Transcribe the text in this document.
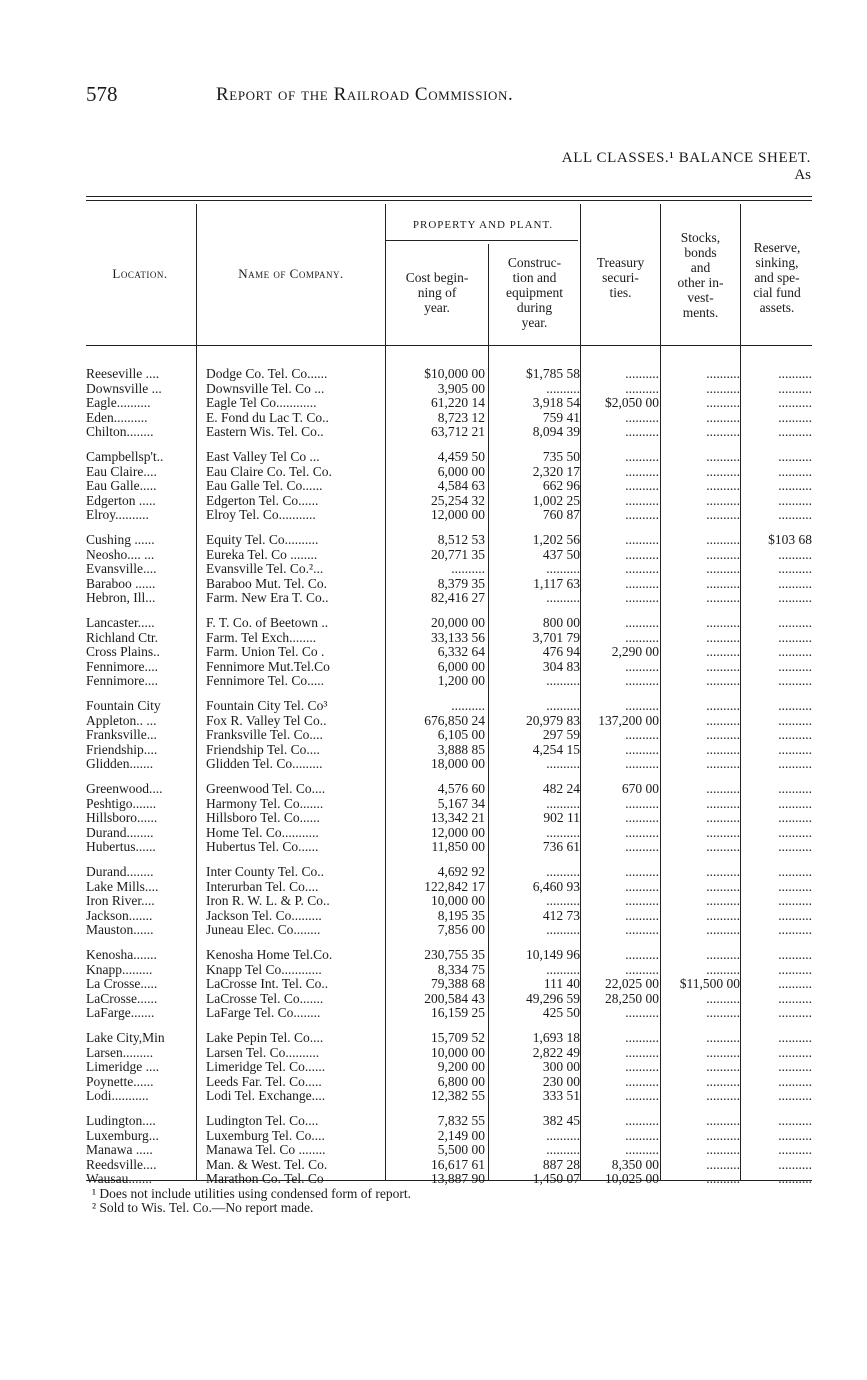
578	Report of the Railroad Commission.
ALL CLASSES.¹ BALANCE SHEET.
As
Location.	Name of Company.
PROPERTY AND PLANT.
Cost begin-
ning of
year.
Construc-
tion and
equipment
during
year.
Treasury
securi-
ties.
Stocks,
bonds
and
other in-
vest-
ments.
Reserve,
sinking,
and spe-
cial fund
assets.
Reeseville ....	Dodge Co. Tel. Co......	$10,000 00	$1,785 58	..........	..........	..........
Downsville ...	Downsville Tel. Co ...	3,905 00	..........	..........	..........	..........
Eagle..........	Eagle Tel Co............	61,220 14	3,918 54	$2,050 00	..........	..........
Eden..........	E. Fond du Lac T. Co..	8,723 12	759 41	..........	..........	..........
Chilton........	Eastern Wis. Tel. Co..	63,712 21	8,094 39	..........	..........	..........
Campbellsp't..	East Valley Tel Co ...	4,459 50	735 50	..........	..........	..........
Eau Claire....	Eau Claire Co. Tel. Co.	6,000 00	2,320 17	..........	..........	..........
Eau Galle.....	Eau Galle Tel. Co......	4,584 63	662 96	..........	..........	..........
Edgerton .....	Edgerton Tel. Co......	25,254 32	1,002 25	..........	..........	..........
Elroy..........	Elroy Tel. Co...........	12,000 00	760 87	..........	..........	..........
Cushing ......	Equity Tel. Co..........	8,512 53	1,202 56	..........	..........	$103 68
Neosho.... ...	Eureka Tel. Co ........	20,771 35	437 50	..........	..........	..........
Evansville....	Evansville Tel. Co.²...	..........	..........	..........	..........	..........
Baraboo ......	Baraboo Mut. Tel. Co.	8,379 35	1,117 63	..........	..........	..........
Hebron, Ill...	Farm. New Era T. Co..	82,416 27	..........	..........	..........	..........
Lancaster.....	F. T. Co. of Beetown ..	20,000 00	800 00	..........	..........	..........
Richland Ctr.	Farm. Tel Exch........	33,133 56	3,701 79	..........	..........	..........
Cross Plains..	Farm. Union Tel. Co .	6,332 64	476 94	2,290 00	..........	..........
Fennimore....	Fennimore Mut.Tel.Co	6,000 00	304 83	..........	..........	..........
Fennimore....	Fennimore Tel. Co.....	1,200 00	..........	..........	..........	..........
Fountain City	Fountain City Tel. Co³	..........	..........	..........	..........	..........
Appleton.. ...	Fox R. Valley Tel Co..	676,850 24	20,979 83	137,200 00	..........	..........
Franksville...	Franksville Tel. Co....	6,105 00	297 59	..........	..........	..........
Friendship....	Friendship Tel. Co....	3,888 85	4,254 15	..........	..........	..........
Glidden.......	Glidden Tel. Co.........	18,000 00	..........	..........	..........	..........
Greenwood....	Greenwood Tel. Co....	4,576 60	482 24	670 00	..........	..........
Peshtigo.......	Harmony Tel. Co.......	5,167 34	..........	..........	..........	..........
Hillsboro......	Hillsboro Tel. Co......	13,342 21	902 11	..........	..........	..........
Durand........	Home Tel. Co...........	12,000 00	..........	..........	..........	..........
Hubertus......	Hubertus Tel. Co......	11,850 00	736 61	..........	..........	..........
Durand........	Inter County Tel. Co..	4,692 92	..........	..........	..........	..........
Lake Mills....	Interurban Tel. Co....	122,842 17	6,460 93	..........	..........	..........
Iron River....	Iron R. W. L. & P. Co..	10,000 00	..........	..........	..........	..........
Jackson.......	Jackson Tel. Co.........	8,195 35	412 73	..........	..........	..........
Mauston......	Juneau Elec. Co........	7,856 00	..........	..........	..........	..........
Kenosha.......	Kenosha Home Tel.Co.	230,755 35	10,149 96	..........	..........	..........
Knapp.........	Knapp Tel Co............	8,334 75	..........	..........	..........	..........
La Crosse.....	LaCrosse Int. Tel. Co..	79,388 68	111 40	22,025 00	$11,500 00	..........
LaCrosse......	LaCrosse Tel. Co.......	200,584 43	49,296 59	28,250 00	..........	..........
LaFarge.......	LaFarge Tel. Co........	16,159 25	425 50	..........	..........	..........
Lake City,Min	Lake Pepin Tel. Co....	15,709 52	1,693 18	..........	..........	..........
Larsen.........	Larsen Tel. Co..........	10,000 00	2,822 49	..........	..........	..........
Limeridge ....	Limeridge Tel. Co......	9,200 00	300 00	..........	..........	..........
Poynette......	Leeds Far. Tel. Co.....	6,800 00	230 00	..........	..........	..........
Lodi...........	Lodi Tel. Exchange....	12,382 55	333 51	..........	..........	..........
Ludington....	Ludington Tel. Co....	7,832 55	382 45	..........	..........	..........
Luxemburg...	Luxemburg Tel. Co....	2,149 00	..........	..........	..........	..........
Manawa .....	Manawa Tel. Co ........	5,500 00	..........	..........	..........	..........
Reedsville....	Man. & West. Tel. Co.	16,617 61	887 28	8,350 00	..........	..........
Wausau.......	Marathon Co. Tel. Co	13,887 90	1,450 07	10,025 00	..........	..........
¹ Does not include utilities using condensed form of report.
² Sold to Wis. Tel. Co.—No report made.
